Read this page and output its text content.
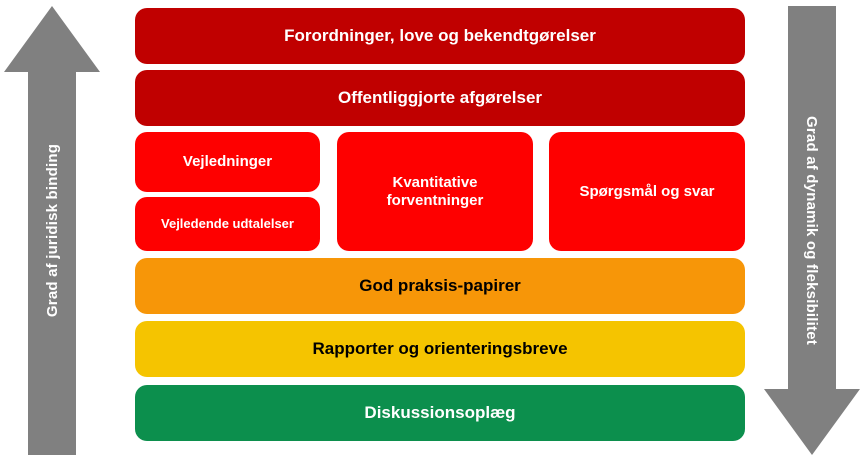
Grad af juridisk binding	Grad af dynamik og fleksibilitet
Forordninger, love og bekendtgørelser
Offentliggjorte afgørelser
Vejledninger
Vejledende udtalelser
Kvantitative forventninger
Spørgsmål og svar
God praksis-papirer
Rapporter og orienteringsbreve
Diskussionsoplæg
